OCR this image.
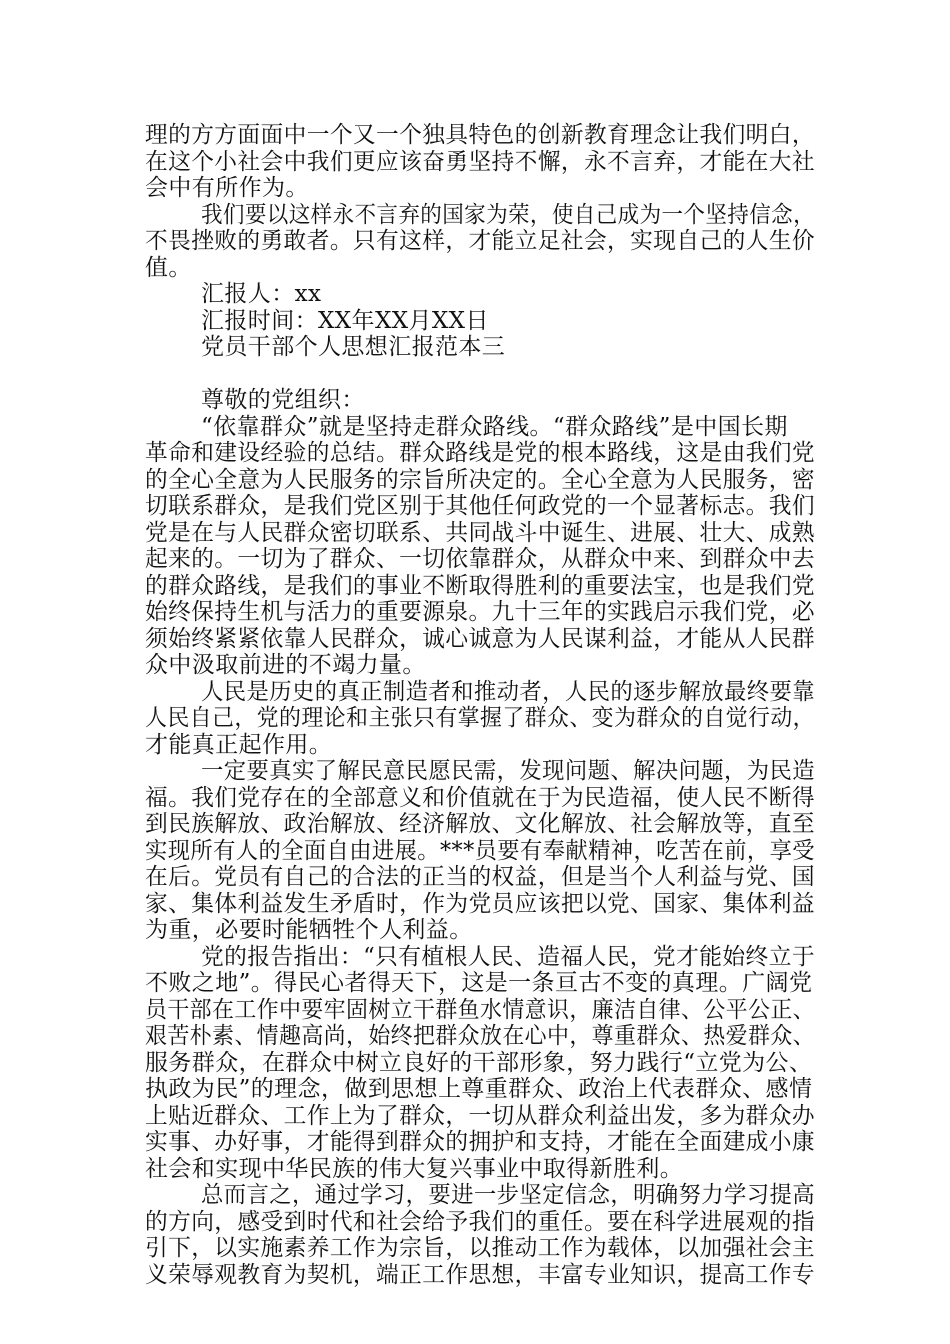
理的方方面面中一个又一个独具特色的创新教育理念让我们明白，
在这个小社会中我们更应该奋勇坚持不懈，永不言弃，才能在大社
会中有所作为。
我们要以这样永不言弃的国家为荣，使自己成为一个坚持信念，
不畏挫败的勇敢者。只有这样，才能立足社会，实现自己的人生价
值。
汇报人：xx
汇报时间：XX年XX月XX日
党员干部个人思想汇报范本三
尊敬的党组织：
“依靠群众”就是坚持走群众路线。“群众路线”是中国长期
革命和建设经验的总结。群众路线是党的根本路线，这是由我们党
的全心全意为人民服务的宗旨所决定的。全心全意为人民服务，密
切联系群众，是我们党区别于其他任何政党的一个显著标志。我们
党是在与人民群众密切联系、共同战斗中诞生、进展、壮大、成熟
起来的。一切为了群众、一切依靠群众，从群众中来、到群众中去
的群众路线，是我们的事业不断取得胜利的重要法宝，也是我们党
始终保持生机与活力的重要源泉。九十三年的实践启示我们党，必
须始终紧紧依靠人民群众，诚心诚意为人民谋利益，才能从人民群
众中汲取前进的不竭力量。
人民是历史的真正制造者和推动者，人民的逐步解放最终要靠
人民自己，党的理论和主张只有掌握了群众、变为群众的自觉行动，
才能真正起作用。
一定要真实了解民意民愿民需，发现问题、解决问题，为民造
福。我们党存在的全部意义和价值就在于为民造福，使人民不断得
到民族解放、政治解放、经济解放、文化解放、社会解放等，直至
实现所有人的全面自由进展。***员要有奉献精神，吃苦在前，享受
在后。党员有自己的合法的正当的权益，但是当个人利益与党、国
家、集体利益发生矛盾时，作为党员应该把以党、国家、集体利益
为重，必要时能牺牲个人利益。
党的报告指出：“只有植根人民、造福人民，党才能始终立于
不败之地”。得民心者得天下，这是一条亘古不变的真理。广阔党
员干部在工作中要牢固树立干群鱼水情意识，廉洁自律、公平公正、
艰苦朴素、情趣高尚，始终把群众放在心中，尊重群众、热爱群众、
服务群众，在群众中树立良好的干部形象，努力践行“立党为公、
执政为民”的理念，做到思想上尊重群众、政治上代表群众、感情
上贴近群众、工作上为了群众，一切从群众利益出发，多为群众办
实事、办好事，才能得到群众的拥护和支持，才能在全面建成小康
社会和实现中华民族的伟大复兴事业中取得新胜利。
总而言之，通过学习，要进一步坚定信念，明确努力学习提高
的方向，感受到时代和社会给予我们的重任。要在科学进展观的指
引下，以实施素养工作为宗旨，以推动工作为载体，以加强社会主
义荣辱观教育为契机，端正工作思想，丰富专业知识，提高工作专
